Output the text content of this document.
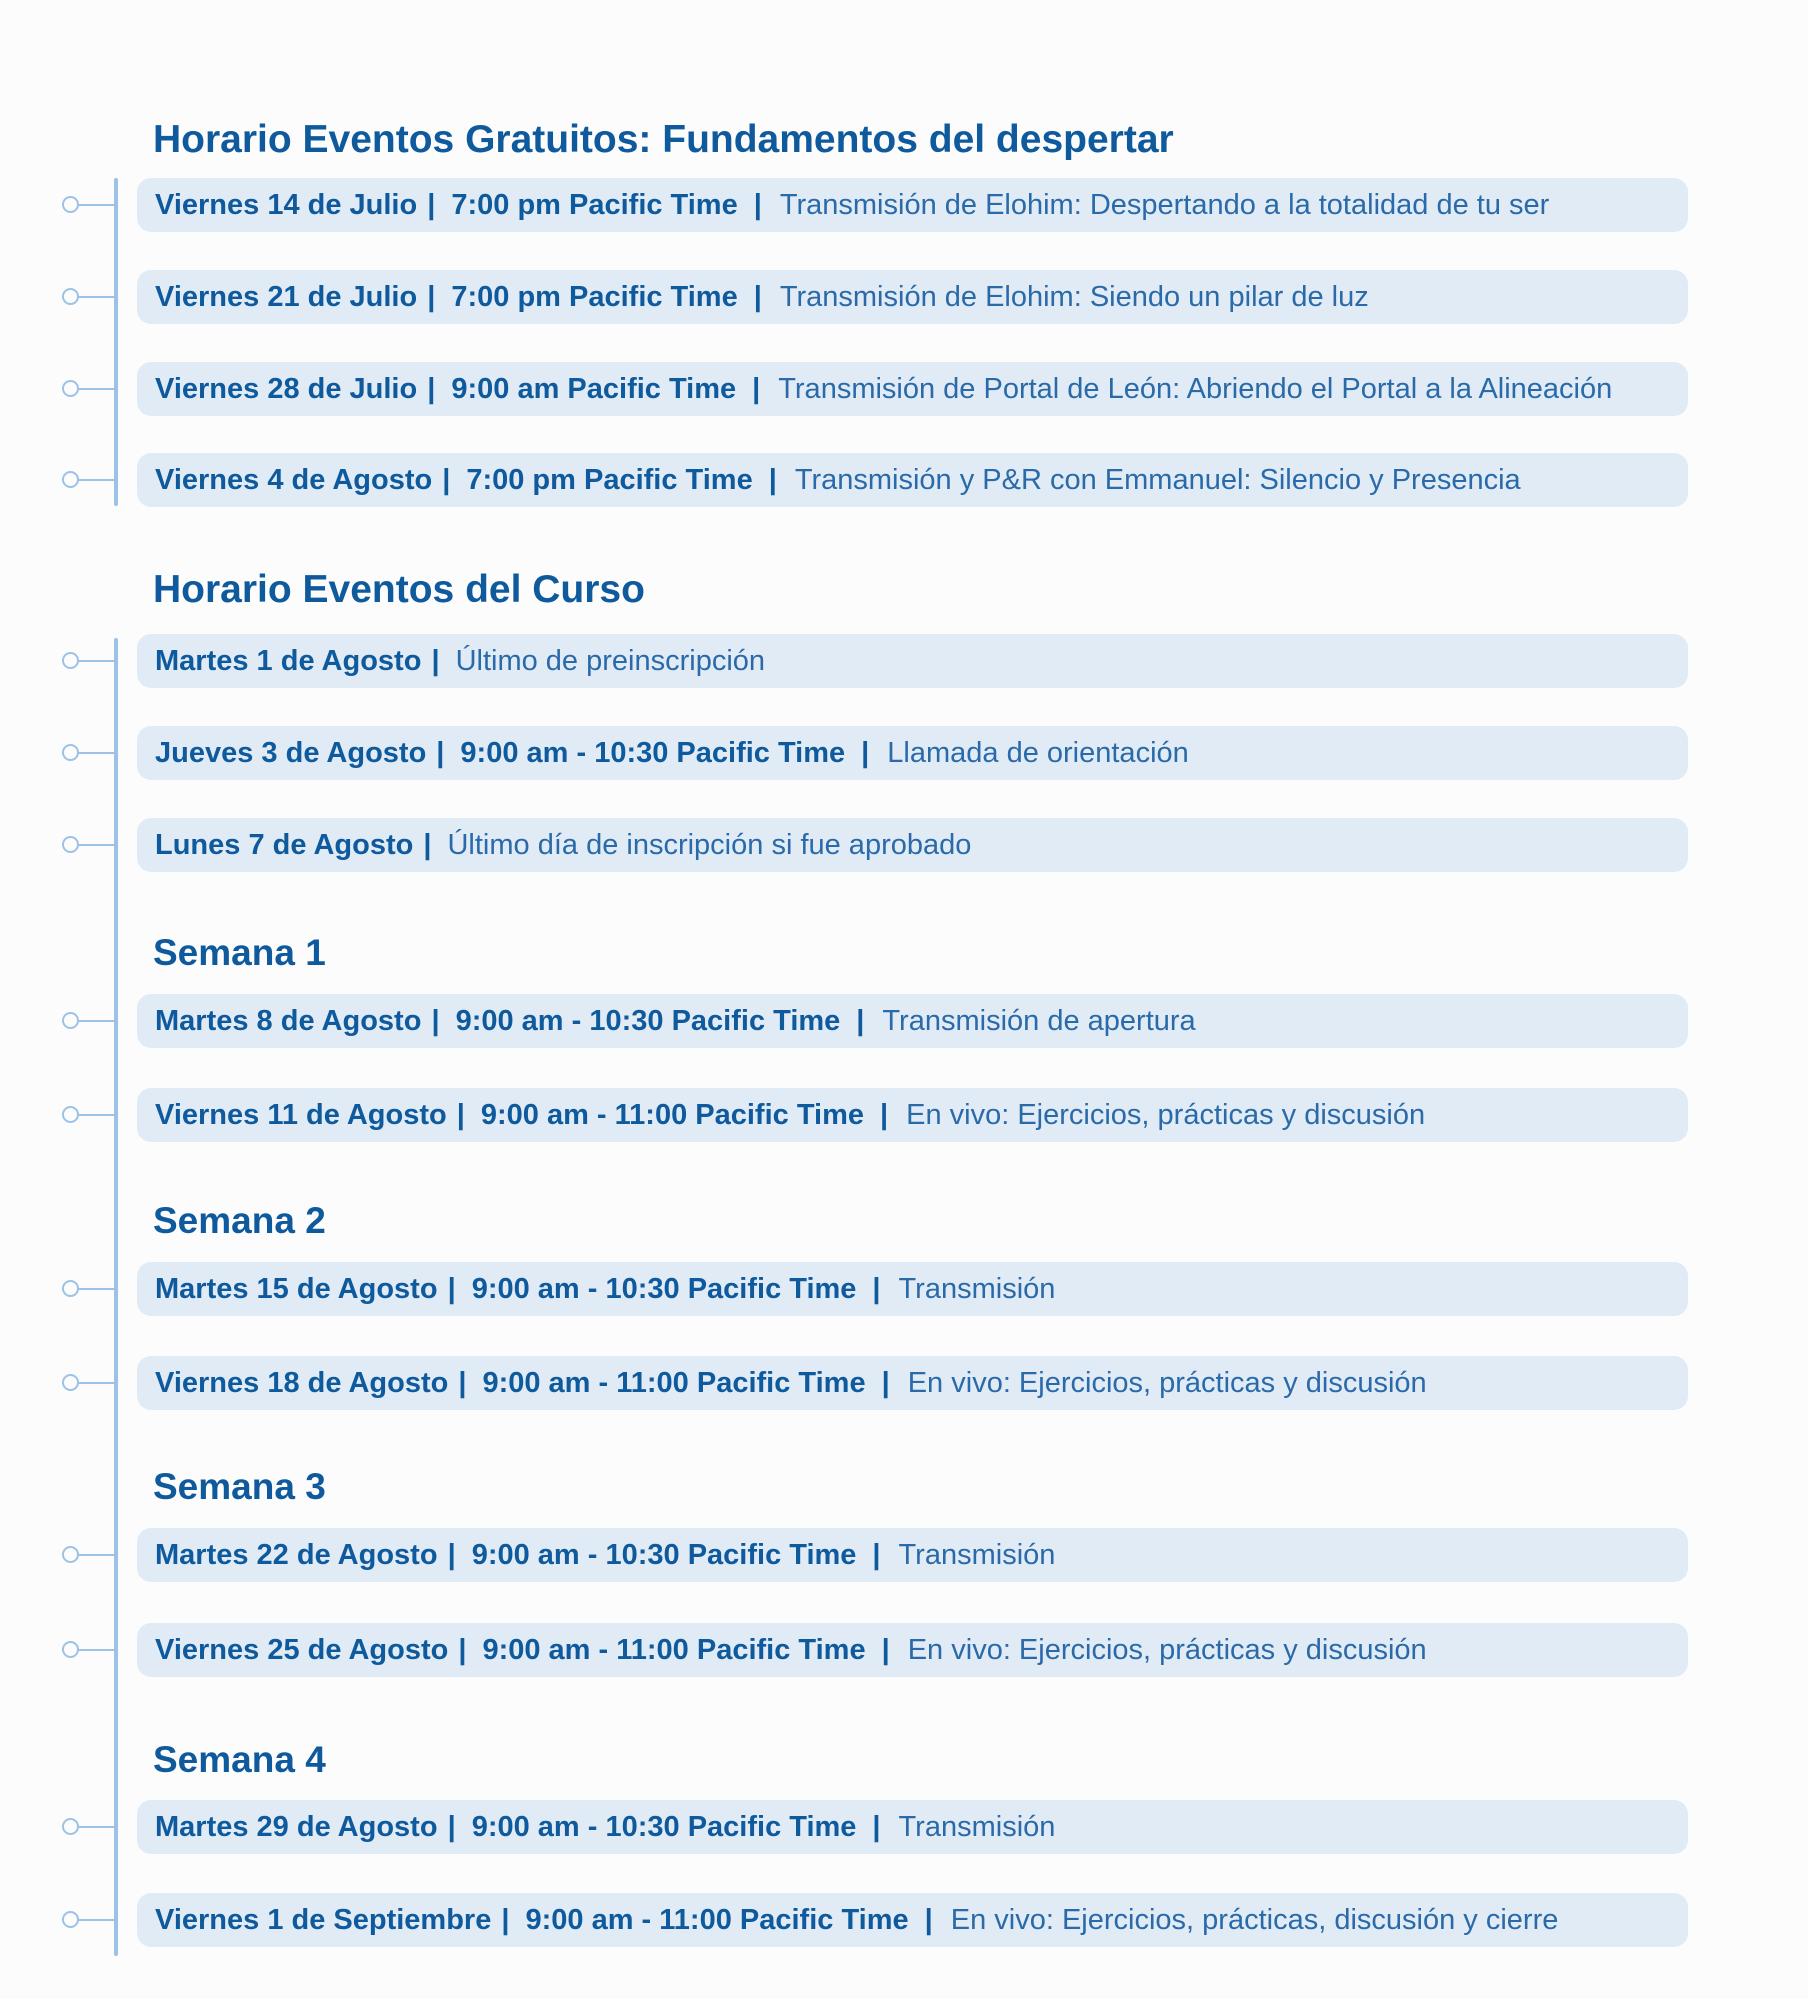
Horario Eventos Gratuitos: Fundamentos del despertar
Horario Eventos del Curso
Semana 1
Semana 2
Semana 3
Semana 4
Viernes 14 de Julio | 7:00 pm Pacific Time | Transmisión de Elohim: Despertando a la totalidad de tu ser
Viernes 21 de Julio | 7:00 pm Pacific Time | Transmisión de Elohim: Siendo un pilar de luz
Viernes 28 de Julio | 9:00 am Pacific Time | Transmisión de Portal de León: Abriendo el Portal a la Alineación
Viernes 4 de Agosto | 7:00 pm Pacific Time | Transmisión y P&R con Emmanuel: Silencio y Presencia
Martes 1 de Agosto | Último de preinscripción
Jueves 3 de Agosto | 9:00 am - 10:30 Pacific Time | Llamada de orientación
Lunes 7 de Agosto | Último día de inscripción si fue aprobado
Martes 8 de Agosto | 9:00 am - 10:30 Pacific Time | Transmisión de apertura
Viernes 11 de Agosto | 9:00 am - 11:00 Pacific Time | En vivo: Ejercicios, prácticas y discusión
Martes 15 de Agosto | 9:00 am - 10:30 Pacific Time | Transmisión
Viernes 18 de Agosto | 9:00 am - 11:00 Pacific Time | En vivo: Ejercicios, prácticas y discusión
Martes 22 de Agosto | 9:00 am - 10:30 Pacific Time | Transmisión
Viernes 25 de Agosto | 9:00 am - 11:00 Pacific Time | En vivo: Ejercicios, prácticas y discusión
Martes 29 de Agosto | 9:00 am - 10:30 Pacific Time | Transmisión
Viernes 1 de Septiembre | 9:00 am - 11:00 Pacific Time | En vivo: Ejercicios, prácticas, discusión y cierre
